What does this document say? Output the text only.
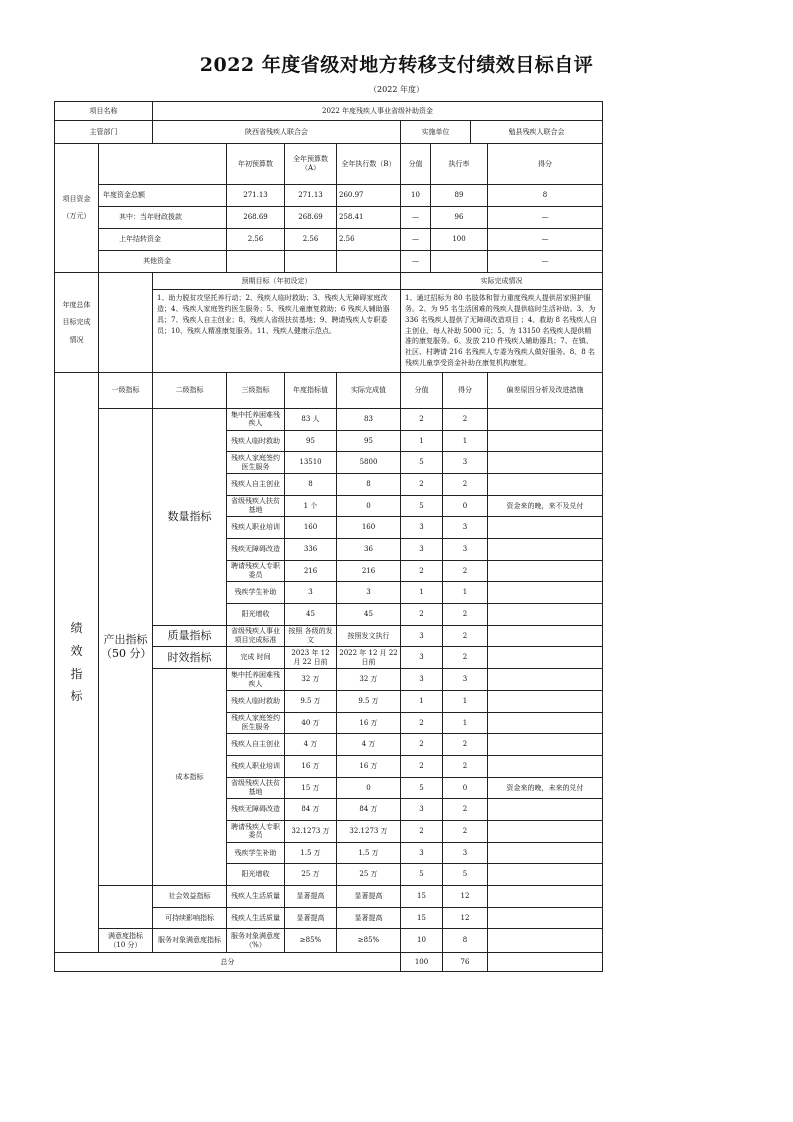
2022 年度省级对地方转移支付绩效目标自评
（2022 年度）
项目名称		2022 年度残疾人事业省级补助资金								
主管部门		陕西省残疾人联合会				实施单位			勉县残疾人联合会	
项目资金

（万元）			年初预算数	全年预算数（A）	全年执行数（B）	分值	执行率			得分
	年度资金总额		271.13	271.13	260.97	10	89			8
	其中：当年财政拨款		268.69	268.69	258.41	—	96			—
	上年结转资金		2.56	2.56	2.56	—	100			—
	其他资金					—				—
年度总体

目标完成

情况		预期目标（年初设定）				实际完成情况				
		1、助力脱贫攻坚托养行动；2、残疾人临时救助；3、残疾人无障碍家庭改造；4、残疾人家庭签约医生服务；5、残疾儿童康复救助；6 残疾人辅助器具；7、残疾人自主创业；8、残疾人省级扶贫基地；9、聘请残疾人专职委员；10、残疾人精准康复服务。11、残疾人健康示范点。				1、通过招标为 80 名肢体和智力重度残疾人提供居家照护服务。2、为 95 名生活困难的残疾人提供临时生活补助。3、为 336 名残疾人提供了无障碍改造项目 ；4、救助 8 名残疾人自主创业，每人补助 5000 元；5、为 13150 名残疾人提供精准的康复服务。6、发放 210 件残疾人辅助器具；7、在镇、社区、村聘请 216 名残疾人专委为残疾人做好服务。8、8 名残疾儿童享受资金补助在康复机构康复。				
绩
效
指
标	一级指标	二级指标	三级指标	年度指标值	实际完成值	分值		得分		偏差原因分析及改进措施
	产出指标（50 分）	数量指标	集中托养困难残疾人	83 人	83	2		2		
			残疾人临时救助	95	95	1		1		
			残疾人家庭签约医生服务	13510	5800	5		3		
			残疾人自主创业	8	8	2		2		
			省级残疾人扶贫基地	1 个	0	5		0		资金来的晚，来不及兑付
			残疾人职业培训	160	160	3		3		
			残疾无障碍改造	336	36	3		3		
			聘请残疾人专职委员	216	216	2		2		
			残疾学生补助	3	3	1		1		
			阳光增收	45	45	2		2		
		质量指标	省级残疾人事业项目完成标准	按照 各级的发文	按照发文执行	3		2		
		时效指标	完成 时间	2023 年 12 月 22 日前	2022 年 12 月 22 日前	3		2		
		成本指标	集中托养困难残疾人	32 万	32 万	3		3		
			残疾人临时救助	9.5 万	9.5 万	1		1		
			残疾人家庭签约医生服务	40 万	16 万	2		1		
			残疾人自主创业	4 万	4 万	2		2		
			残疾人职业培训	16 万	16 万	2		2		
			省级残疾人扶贫基地	15 万	0	5		0		资金来的晚，未来的兑付
			残疾无障碍改造	84 万	84 万	3		2		
			聘请残疾人专职委员	32.1273 万	32.1273 万	2		2		
			残疾学生补助	1.5 万	1.5 万	3		3		
			阳光增收	25 万	25 万	5		5		
		社会效益指标	残疾人生活质量	显著提高	显著提高	15		12		
		可持续影响指标	残疾人生活质量	显著提高	显著提高	15		12		
	满意度指标（10 分）	服务对象满意度指标	服务对象满意度（%）	≥85%	≥85%	10		8		
总分						100		76		
